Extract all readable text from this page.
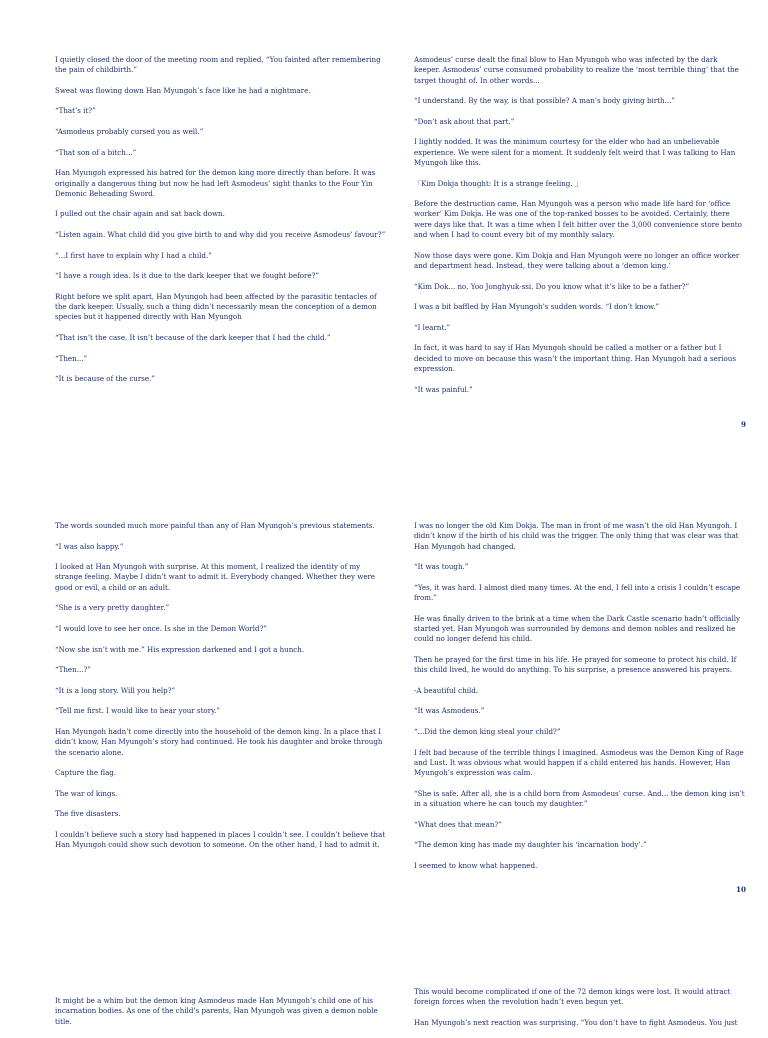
I quietly closed the door of the meeting room and replied, “You fainted after remembering the pain of childbirth.”

Sweat was flowing down Han Myungoh’s face like he had a nightmare.

“That’s it?”

“Asmodeus probably cursed you as well.”

“That son of a bitch...”

Han Myungoh expressed his hatred for the demon king more directly than before. It was originally a dangerous thing but now he had left Asmodeus’ sight thanks to the Four Yin Demonic Beheading Sword.

I pulled out the chair again and sat back down.

“Listen again. What child did you give birth to and why did you receive Asmodeus’ favour?”

“...I first have to explain why I had a child.”

“I have a rough idea. Is it due to the dark keeper that we fought before?”

Right before we split apart, Han Myungoh had been affected by the parasitic tentacles of the dark keeper. Usually, such a thing didn’t necessarily mean the conception of a demon species but it happened directly with Han Myungoh

“That isn’t the case. It isn’t because of the dark keeper that I had the child.”

“Then...”

“It is because of the curse.”

Asmodeus’ curse dealt the final blow to Han Myungoh who was infected by the dark keeper. Asmodeus’ curse consumed probability to realize the ‘most terrible thing’ that the target thought of. In other words...

“I understand. By the way, is that possible? A man’s body giving birth...”

“Don’t ask about that part.”

I lightly nodded. It was the minimum courtesy for the elder who had an unbelievable experience. We were silent for a moment. It suddenly felt weird that I was talking to Han Myungoh like this.

「Kim Dokja thought: It is a strange feeling. 」

Before the destruction came, Han Myungoh was a person who made life hard for ‘office worker’ Kim Dokja. He was one of the top-ranked bosses to be avoided. Certainly, there were days like that. It was a time when I felt bitter over the 3,000 convenience store bento and when I had to count every bit of my monthly salary.

Now those days were gone. Kim Dokja and Han Myungoh were no longer an office worker and department head. Instead, they were talking about a ‘demon king.’

“Kim Dok... no, Yoo Jonghyuk-ssi. Do you know what it’s like to be a father?”

I was a bit baffled by Han Myungoh’s sudden words. “I don’t know.”

“I learnt.”

In fact, it was hard to say if Han Myungoh should be called a mother or a father but I decided to move on because this wasn’t the important thing. Han Myungoh had a serious expression.

“It was painful.”

9

The words sounded much more painful than any of Han Myungoh’s previous statements.

“I was also happy.”

I looked at Han Myungoh with surprise. At this moment, I realized the identity of my strange feeling. Maybe I didn’t want to admit it. Everybody changed. Whether they were good or evil, a child or an adult.

“She is a very pretty daughter.”

“I would love to see her once. Is she in the Demon World?”

“Now she isn’t with me.” His expression darkened and I got a hunch.

“Then...?”

“It is a long story. Will you help?”

“Tell me first. I would like to hear your story.”

Han Myungoh hadn’t come directly into the household of the demon king. In a place that I didn’t know, Han Myungoh’s story had continued. He took his daughter and broke through the scenario alone.

Capture the flag.

The war of kings.

The five disasters.

I couldn’t believe such a story had happened in places I couldn’t see. I couldn’t believe that Han Myungoh could show such devotion to someone. On the other hand, I had to admit it.

I was no longer the old Kim Dokja. The man in front of me wasn’t the old Han Myungoh. I didn’t know if the birth of his child was the trigger. The only thing that was clear was that Han Myungoh had changed.

“It was tough.”

“Yes, it was hard. I almost died many times. At the end, I fell into a crisis I couldn’t escape from.”

He was finally driven to the brink at a time when the Dark Castle scenario hadn’t officially started yet. Han Myungoh was surrounded by demons and demon nobles and realized he could no longer defend his child.

Then he prayed for the first time in his life. He prayed for someone to protect his child. If this child lived, he would do anything. To his surprise, a presence answered his prayers.

-A beautiful child.

“It was Asmodeus.”

“...Did the demon king steal your child?”

I felt bad because of the terrible things I imagined. Asmodeus was the Demon King of Rage and Lust. It was obvious what would happen if a child entered his hands. However, Han Myungoh’s expression was calm.

“She is safe. After all, she is a child born from Asmodeus’ curse. And... the demon king isn’t in a situation where he can touch my daughter.”

“What does that mean?”

“The demon king has made my daughter his ‘incarnation body’.”

I seemed to know what happened.

10

It might be a whim but the demon king Asmodeus made Han Myungoh’s child one of his incarnation bodies. As one of the child’s parents, Han Myungoh was given a demon noble title.

This would become complicated if one of the 72 demon kings were lost. It would attract foreign forces when the revolution hadn’t even begun yet.

Han Myungoh’s next reaction was surprising. “You don’t have to fight Asmodeus. You just
